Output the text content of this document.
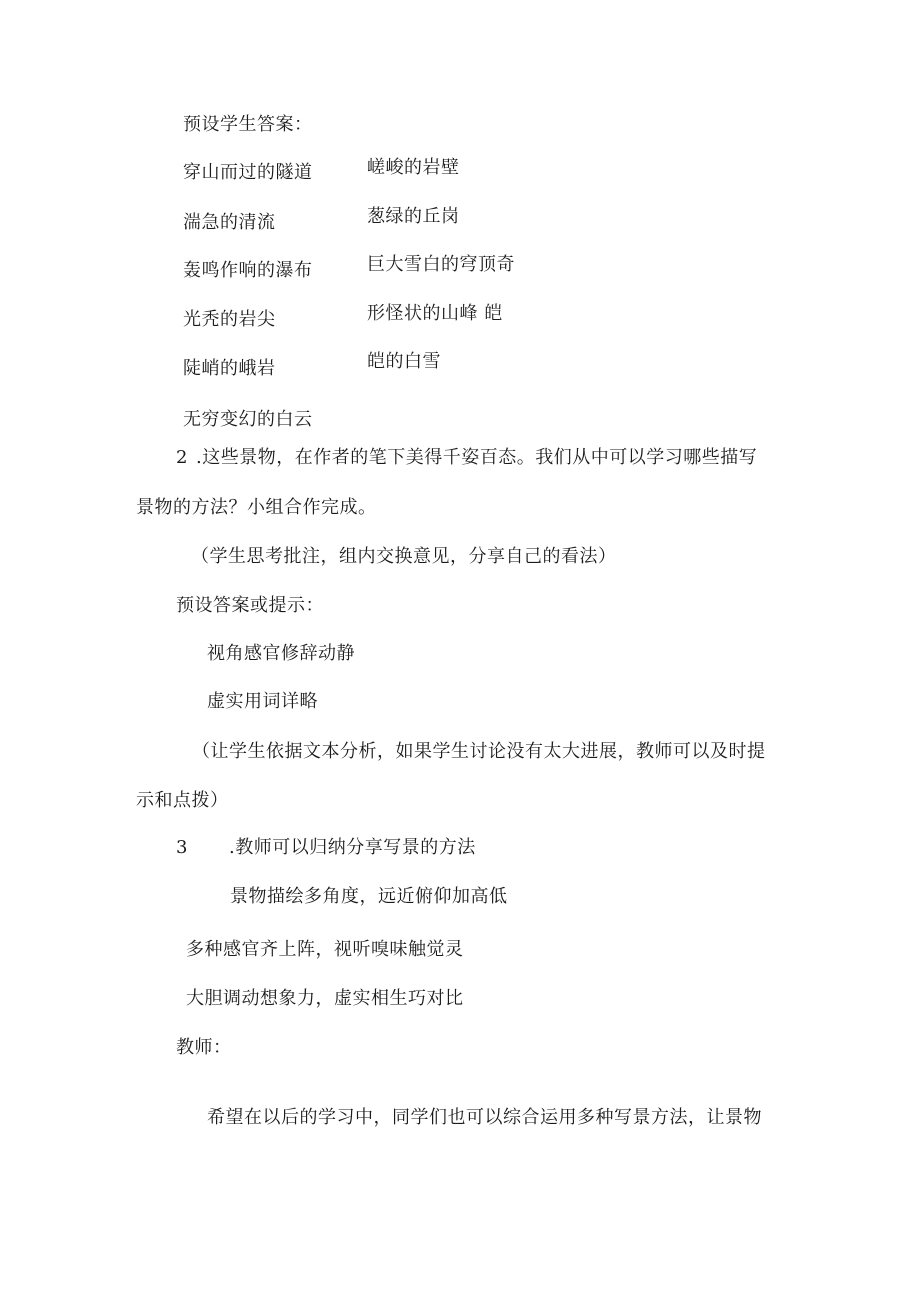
预设学生答案：
穿山而过的隧道
湍急的清流
轰鸣作响的瀑布
光秃的岩尖
陡峭的峨岩
无穷变幻的白云
嵯峻的岩壁
葱绿的丘岗
巨大雪白的穹顶奇
形怪状的山峰 皑
皑的白雪
2 .这些景物，在作者的笔下美得千姿百态。我们从中可以学习哪些描写
景物的方法？小组合作完成。
（学生思考批注，组内交换意见，分享自己的看法）
预设答案或提示：
视角感官修辞动静
虚实用词详略
（让学生依据文本分析，如果学生讨论没有太大进展，教师可以及时提
示和点拨）
3 .教师可以归纳分享写景的方法
景物描绘多角度，远近俯仰加高低
多种感官齐上阵，视听嗅味触觉灵
大胆调动想象力，虚实相生巧对比
教师：
希望在以后的学习中，同学们也可以综合运用多种写景方法，让景物
